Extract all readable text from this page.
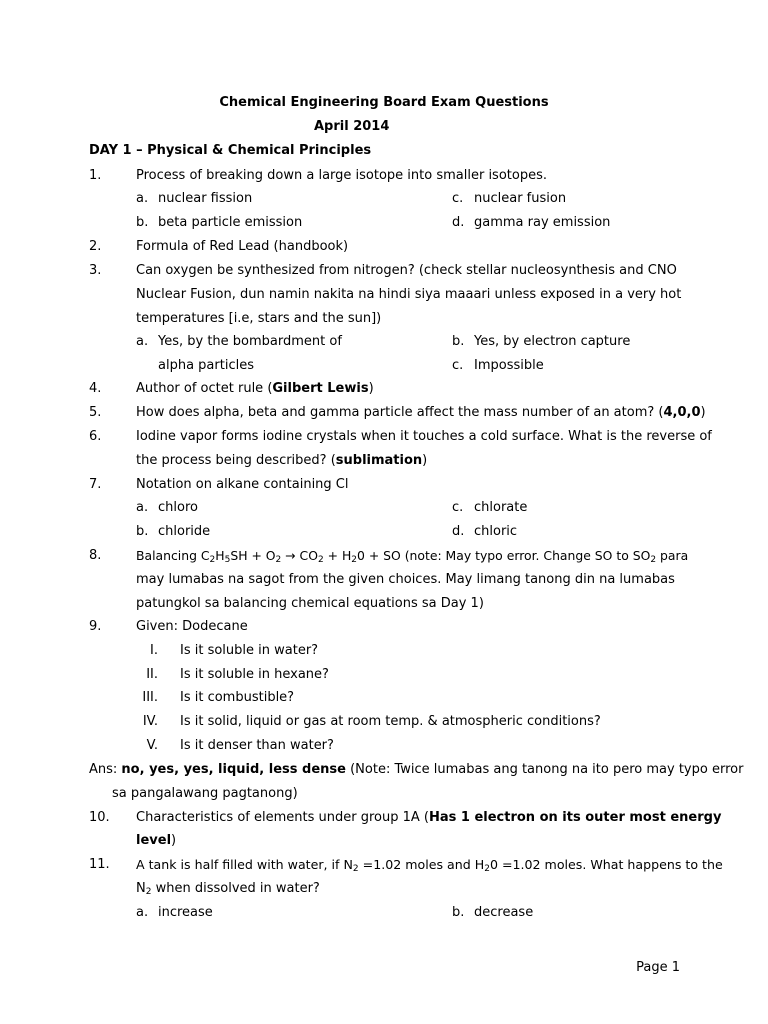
Chemical Engineering Board Exam Questions
April 2014
DAY 1 – Physical & Chemical Principles
1.	Process of breaking down a large isotope into smaller isotopes.
a. nuclear fission	c. nuclear fusion
b. beta particle emission	d. gamma ray emission
2.	Formula of Red Lead (handbook)
3.	Can oxygen be synthesized from nitrogen? (check stellar nucleosynthesis and CNO
Nuclear Fusion, dun namin nakita na hindi siya maaari unless exposed in a very hot
temperatures [i.e, stars and the sun])
a. Yes, by the bombardment of
alpha particles
b. Yes, by electron capture
c. Impossible
4.	Author of octet rule (Gilbert Lewis)
5.	How does alpha, beta and gamma particle affect the mass number of an atom? (4,0,0)
6.	Iodine vapor forms iodine crystals when it touches a cold surface. What is the reverse of
the process being described? (sublimation)
7.	Notation on alkane containing Cl
a. chloro	c. chlorate
b. chloride	d. chloric
8.	Balancing $C_2H_5SH + O_2 \to CO_2 + H_20$ + SO (note: May typo error. Change SO to $SO_2$ para
may lumabas na sagot from the given choices. May limang tanong din na lumabas
patungkol sa balancing chemical equations sa Day 1)
9.	Given: Dodecane
I. Is it soluble in water?
II. Is it soluble in hexane?
III. Is it combustible?
IV. Is it solid, liquid or gas at room temp. & atmospheric conditions?
V. Is it denser than water?
Ans: no, yes, yes, liquid, less dense (Note: Twice lumabas ang tanong na ito pero may typo error
sa pangalawang pagtanong)
10. Characteristics of elements under group 1A (Has 1 electron on its outer most energy
level)
11. A tank is half filled with water, if $N_2 =1.02$ moles and $H_20 =1.02$ moles. What happens to the
$N_2$ when dissolved in water?
a. increase	b. decrease
Page 1
